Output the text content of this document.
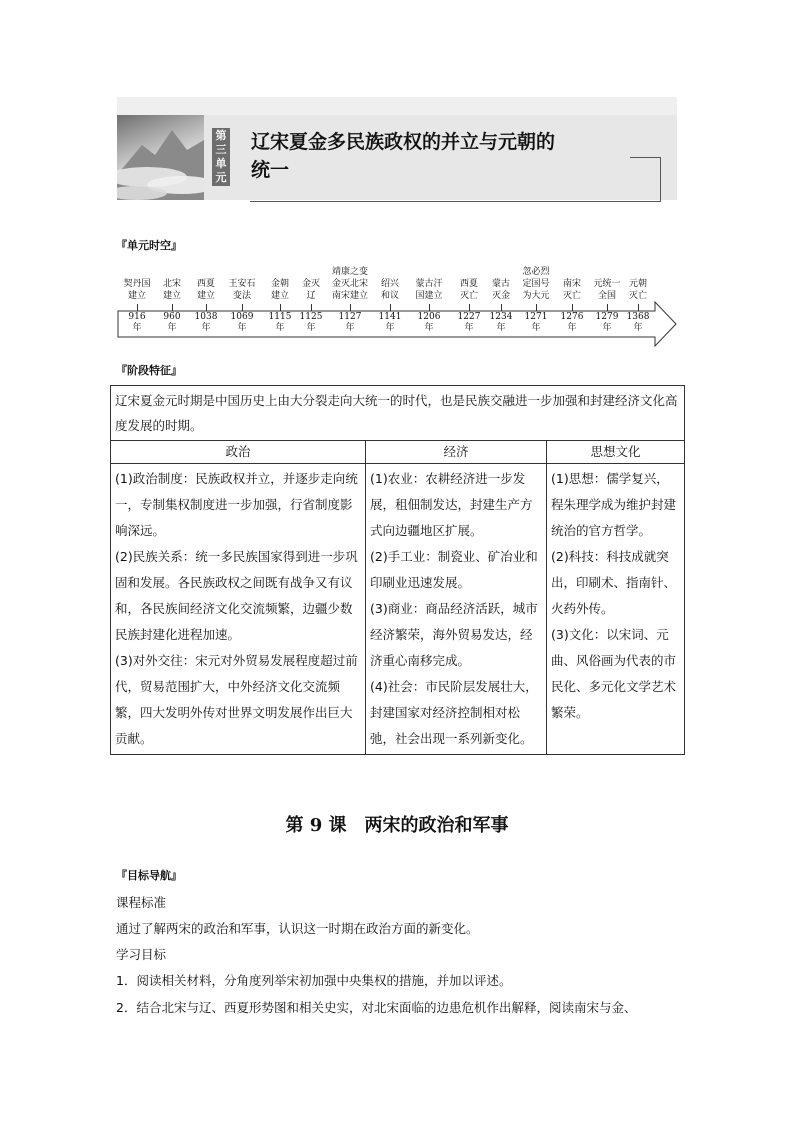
第
三
单
元
辽宋夏金多民族政权的并立与元朝的
统一
『单元时空』
契丹国
建立
916
年
北宋
建立
960
年
西夏
建立
1038
年
王安石
变法
1069
年
金朝
建立
1115
年
金灭
辽
1125
年
靖康之变
金灭北宋
南宋建立
1127
年
绍兴
和议
1141
年
蒙古汗
国建立
1206
年
西夏
灭亡
1227
年
蒙古
灭金
1234
年
忽必烈
定国号
为大元
1271
年
南宋
灭亡
1276
年
元统一
全国
1279
年
元朝
灭亡
1368
年
『阶段特征』
辽宋夏金元时期是中国历史上由大分裂走向大统一的时代，也是民族交融进一步加强和封建经济文化高度发展的时期。		
政治	经济	思想文化

(1)政治制度：民族政权并立，并逐步走向统一，专制集权制度进一步加强，行省制度影响深远。
(2)民族关系：统一多民族国家得到进一步巩固和发展。各民族政权之间既有战争又有议和，各民族间经济文化交流频繁，边疆少数民族封建化进程加速。
(3)对外交往：宋元对外贸易发展程度超过前代，贸易范围扩大，中外经济文化交流频繁，四大发明外传对世界文明发展作出巨大贡献。	(1)农业：农耕经济进一步发展，租佃制发达，封建生产方式向边疆地区扩展。
(2)手工业：制瓷业、矿冶业和印刷业迅速发展。
(3)商业：商品经济活跃，城市经济繁荣，海外贸易发达，经济重心南移完成。
(4)社会：市民阶层发展壮大，封建国家对经济控制相对松弛，社会出现一系列新变化。	(1)思想：儒学复兴，程朱理学成为维护封建统治的官方哲学。
(2)科技：科技成就突出，印刷术、指南针、火药外传。
(3)文化：以宋词、元曲、风俗画为代表的市民化、多元化文学艺术繁荣。
第 9 课　两宋的政治和军事
『目标导航』
课程标准
通过了解两宋的政治和军事，认识这一时期在政治方面的新变化。
学习目标
1．阅读相关材料，分角度列举宋初加强中央集权的措施，并加以评述。
2．结合北宋与辽、西夏形势图和相关史实，对北宋面临的边患危机作出解释，阅读南宋与金、
